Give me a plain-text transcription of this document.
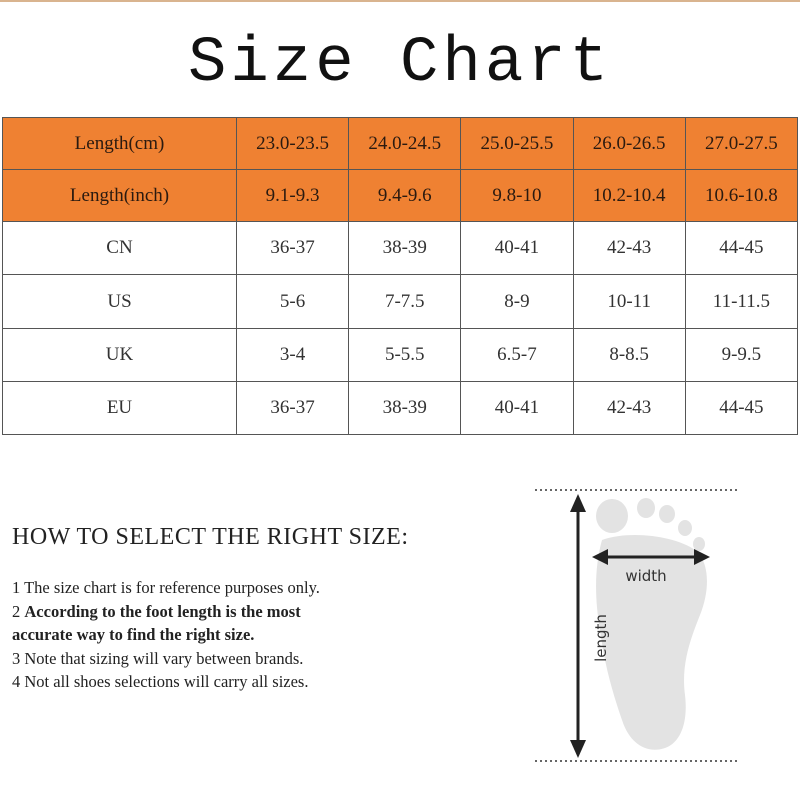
Size Chart
Length(cm)	23.0-23.5	24.0-24.5	25.0-25.5	26.0-26.5	27.0-27.5
Length(inch)	9.1-9.3	9.4-9.6	9.8-10	10.2-10.4	10.6-10.8
CN	36-37	38-39	40-41	42-43	44-45
US	5-6	7-7.5	8-9	10-11	11-11.5
UK	3-4	5-5.5	6.5-7	8-8.5	9-9.5
EU	36-37	38-39	40-41	42-43	44-45
HOW TO SELECT THE RIGHT SIZE:
1 The size chart is for reference purposes only.
2 According to the foot length is the most
accurate way to find the right size.
3 Note that sizing will vary between brands.
4 Not all shoes selections will carry all sizes.
width
length
